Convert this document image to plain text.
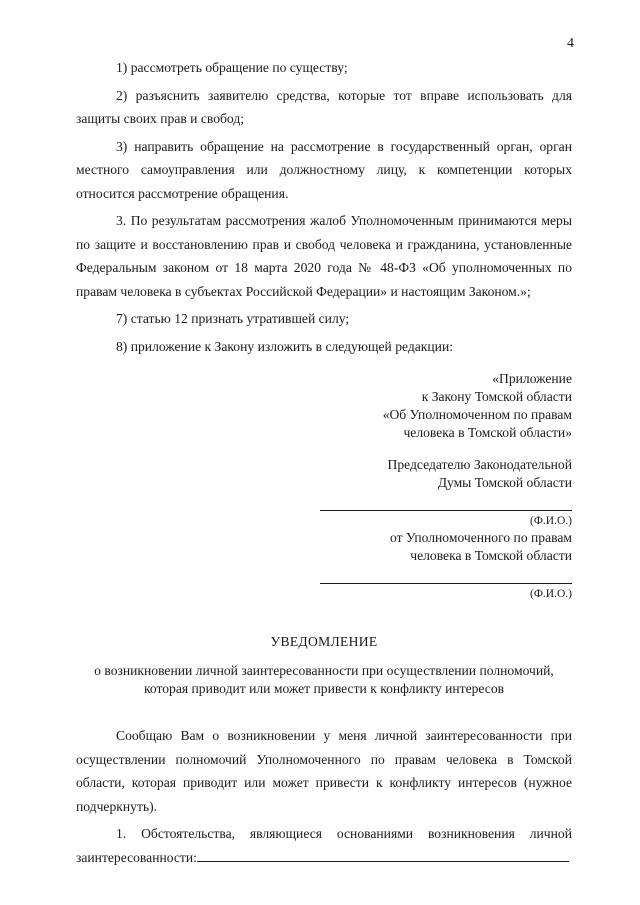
4

1) рассмотреть обращение по существу;

2) разъяснить заявителю средства, которые тот вправе использовать для защиты своих прав и свобод;

3) направить обращение на рассмотрение в государственный орган, орган местного самоуправления или должностному лицу, к компетенции которых относится рассмотрение обращения.

3. По результатам рассмотрения жалоб Уполномоченным принимаются меры по защите и восстановлению прав и свобод человека и гражданина, установленные Федеральным законом от 18 марта 2020 года № 48-ФЗ «Об уполномоченных по правам человека в субъектах Российской Федерации» и настоящим Законом.»;

7) статью 12 признать утратившей силу;

8) приложение к Закону изложить в следующей редакции:

«Приложение

к Закону Томской области

«Об Уполномоченном по правам

человека в Томской области»

Председателю Законодательной

Думы Томской области

(Ф.И.О.)

от Уполномоченного по правам

человека в Томской области

(Ф.И.О.)
УВЕДОМЛЕНИЕ
о возникновении личной заинтересованности при осуществлении полномочий,
которая приводит или может привести к конфликту интересов

Сообщаю Вам о возникновении у меня личной заинтересованности при осуществлении полномочий Уполномоченного по правам человека в Томской области, которая приводит или может привести к конфликту интересов (нужное подчеркнуть).

1. Обстоятельства, являющиеся основаниями возникновения личной заинтересованности:
